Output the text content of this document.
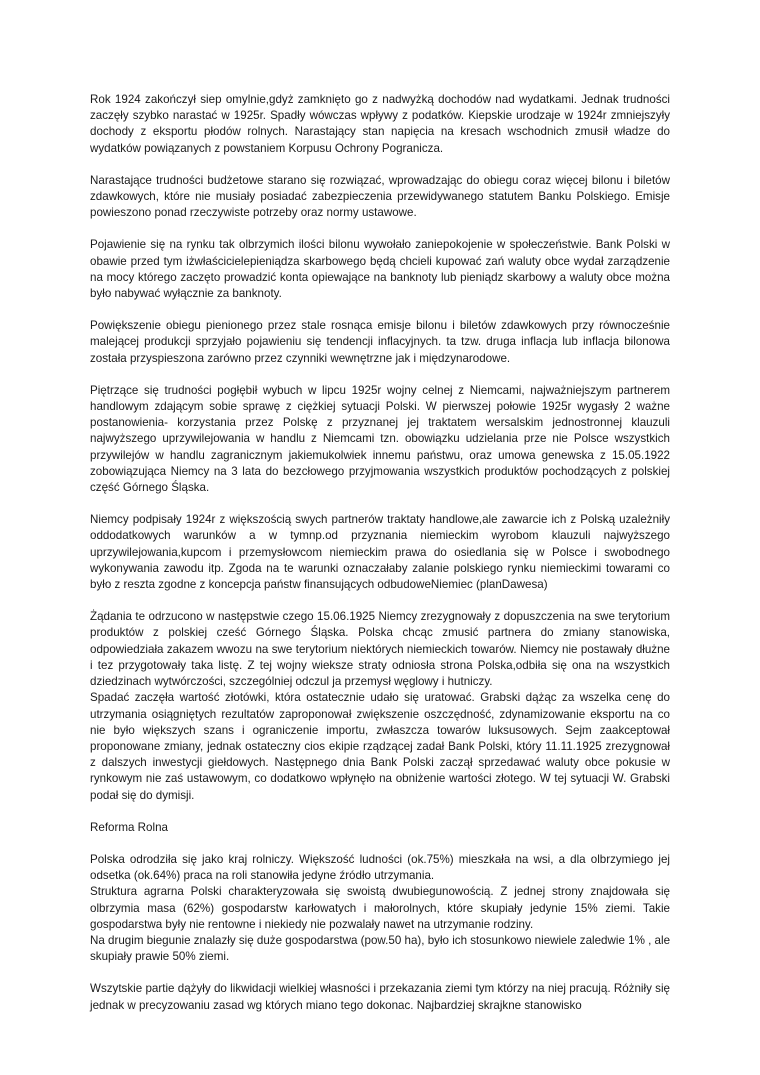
Rok 1924 zakończył siep omylnie,gdyż zamknięto go z nadwyżką dochodów nad wydatkami. Jednak trudności zaczęły szybko narastać w 1925r. Spadły wówczas wpływy z podatków. Kiepskie urodzaje w 1924r zmniejszyły dochody z eksportu płodów rolnych. Narastający stan napięcia na kresach wschodnich zmusił władze do wydatków powiązanych z powstaniem Korpusu Ochrony Pogranicza.

Narastające trudności budżetowe starano się rozwiązać, wprowadzając do obiegu coraz więcej bilonu i biletów zdawkowych, które nie musiały posiadać zabezpieczenia przewidywanego statutem Banku Polskiego. Emisje powieszono ponad rzeczywiste potrzeby oraz normy ustawowe.

Pojawienie się na rynku tak olbrzymich ilości bilonu wywołało zaniepokojenie w społeczeństwie. Bank Polski w obawie przed tym iżwłaścicielepieniądza skarbowego będą chcieli kupować zań waluty obce wydał zarządzenie na mocy którego zaczęto prowadzić konta opiewające na banknoty lub pieniądz skarbowy a waluty obce można było nabywać wyłącznie za banknoty.

Powiększenie obiegu pienionego przez stale rosnąca emisje bilonu i biletów zdawkowych przy równocześnie malejącej produkcji sprzyjało pojawieniu się tendencji inflacyjnych. ta tzw. druga inflacja lub inflacja bilonowa została przyspieszona zarówno przez czynniki wewnętrzne jak i międzynarodowe.

Piętrzące się trudności pogłębił wybuch w lipcu 1925r wojny celnej z Niemcami, najważniejszym partnerem handlowym zdającym sobie sprawę z ciężkiej sytuacji Polski. W pierwszej połowie 1925r wygasły 2 ważne postanowienia- korzystania przez Polskę z przyznanej jej traktatem wersalskim jednostronnej klauzuli najwyższego uprzywilejowania w handlu z Niemcami tzn. obowiązku udzielania prze nie Polsce wszystkich przywilejów w handlu zagranicznym jakiemukolwiek innemu państwu, oraz umowa genewska z 15.05.1922 zobowiązująca Niemcy na 3 lata do bezcłowego przyjmowania wszystkich produktów pochodzących z polskiej część Górnego Śląska.

Niemcy podpisały 1924r z większością swych partnerów traktaty handlowe,ale zawarcie ich z Polską uzależniły oddodatkowych warunków a w tymnp.od przyznania niemieckim wyrobom klauzuli najwyższego uprzywilejowania,kupcom i przemysłowcom niemieckim prawa do osiedlania się w Polsce i swobodnego wykonywania zawodu itp. Zgoda na te warunki oznaczałaby zalanie polskiego rynku niemieckimi towarami co było z reszta zgodne z koncepcja państw finansujących odbudoweNiemiec (planDawesa)

Żądania te odrzucono w następstwie czego 15.06.1925 Niemcy zrezygnowały z dopuszczenia na swe terytorium produktów z polskiej cześć Górnego Śląska. Polska chcąc zmusić partnera do zmiany stanowiska, odpowiedziała zakazem wwozu na swe terytorium niektórych niemieckich towarów. Niemcy nie postawały dłużne i tez przygotowały taka listę. Z tej wojny wieksze straty odniosła strona Polska,odbiła się ona na wszystkich dziedzinach wytwórczości, szczególniej odczul ja przemysł węglowy i hutniczy.

Spadać zaczęła wartość złotówki, która ostatecznie udało się uratować. Grabski dążąc za wszelka cenę do utrzymania osiągniętych rezultatów zaproponował zwiększenie oszczędność, zdynamizowanie eksportu na co nie było większych szans i ograniczenie importu, zwłaszcza towarów luksusowych. Sejm zaakceptował proponowane zmiany, jednak ostateczny cios ekipie rządzącej zadał Bank Polski, który 11.11.1925 zrezygnował z dalszych inwestycji giełdowych. Następnego dnia Bank Polski zaczął sprzedawać waluty obce pokusie w rynkowym nie zaś ustawowym, co dodatkowo wpłynęło na obniżenie wartości złotego. W tej sytuacji W. Grabski podał się do dymisji.

Reforma Rolna

Polska odrodziła się jako kraj rolniczy. Większość ludności (ok.75%) mieszkała na wsi, a dla olbrzymiego jej odsetka (ok.64%) praca na roli stanowiła jedyne źródło utrzymania.

Struktura agrarna Polski charakteryzowała się swoistą dwubiegunowością. Z jednej strony znajdowała się olbrzymia masa (62%) gospodarstw karłowatych i małorolnych, które skupiały jedynie 15% ziemi. Takie gospodarstwa były nie rentowne i niekiedy nie pozwalały nawet na utrzymanie rodziny.

Na drugim biegunie znalazły się duże gospodarstwa (pow.50 ha), było ich stosunkowo niewiele zaledwie 1% , ale skupiały prawie 50% ziemi.

Wszytskie partie dążyły do likwidacji wielkiej własności i przekazania ziemi tym którzy na niej pracują. Różniły się jednak w precyzowaniu zasad wg których miano tego dokonac. Najbardziej skrajkne stanowisko
